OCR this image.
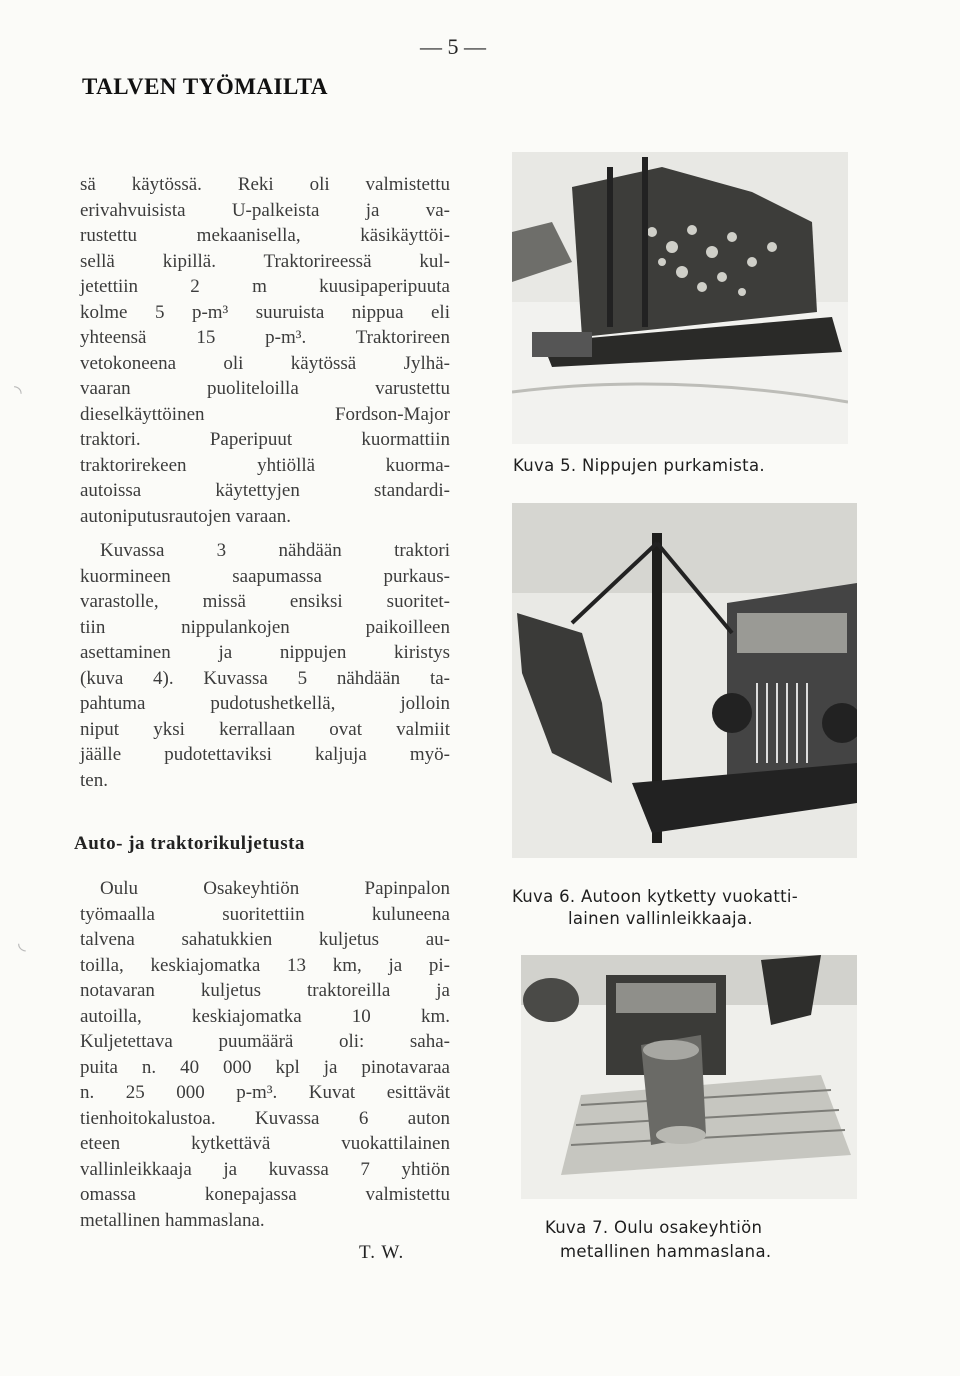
— 5 —
TALVEN TYÖMAILTA
sä käytössä. Reki oli valmistettu
erivahvuisista U-palkeista ja va-
rustettu mekaanisella, käsikäyttöi-
sellä kipillä. Traktorireessä kul-
jetettiin 2 m kuusipaperipuuta
kolme 5 p-m³ suuruista nippua eli
yhteensä 15 p-m³. Traktorireen
vetokoneena oli käytössä Jylhä-
vaaran puoliteloilla varustettu
dieselkäyttöinen Fordson-Major
traktori. Paperipuut kuormattiin
traktorirekeen yhtiöllä kuorma-
autoissa käytettyjen standardi-
autoniputusrautojen varaan.
Kuvassa 3 nähdään traktori
kuormineen saapumassa purkaus-
varastolle, missä ensiksi suoritet-
tiin nippulankojen paikoilleen
asettaminen ja nippujen kiristys
(kuva 4). Kuvassa 5 nähdään ta-
pahtuma pudotushetkellä, jolloin
niput yksi kerrallaan ovat valmiit
jäälle pudotettaviksi kaljuja myö-
ten.
Auto- ja traktorikuljetusta
Oulu Osakeyhtiön Papinpalon
työmaalla suoritettiin kuluneena
talvena sahatukkien kuljetus au-
toilla, keskiajomatka 13 km, ja pi-
notavaran kuljetus traktoreilla ja
autoilla, keskiajomatka 10 km.
Kuljetettava puumäärä oli: saha-
puita n. 40 000 kpl ja pinotavaraa
n. 25 000 p-m³. Kuvat esittävät
tienhoitokalustoa. Kuvassa 6 auton
eteen kytkettävä vuokattilainen
vallinleikkaaja ja kuvassa 7 yhtiön
omassa konepajassa valmistettu
metallinen hammaslana.
T. W.
◝
◟
Kuva 5. Nippujen purkamista.
Kuva 6. Autoon kytketty vuokatti-
lainen vallinleikkaaja.
Kuva 7. Oulu osakeyhtiön
metallinen hammaslana.
